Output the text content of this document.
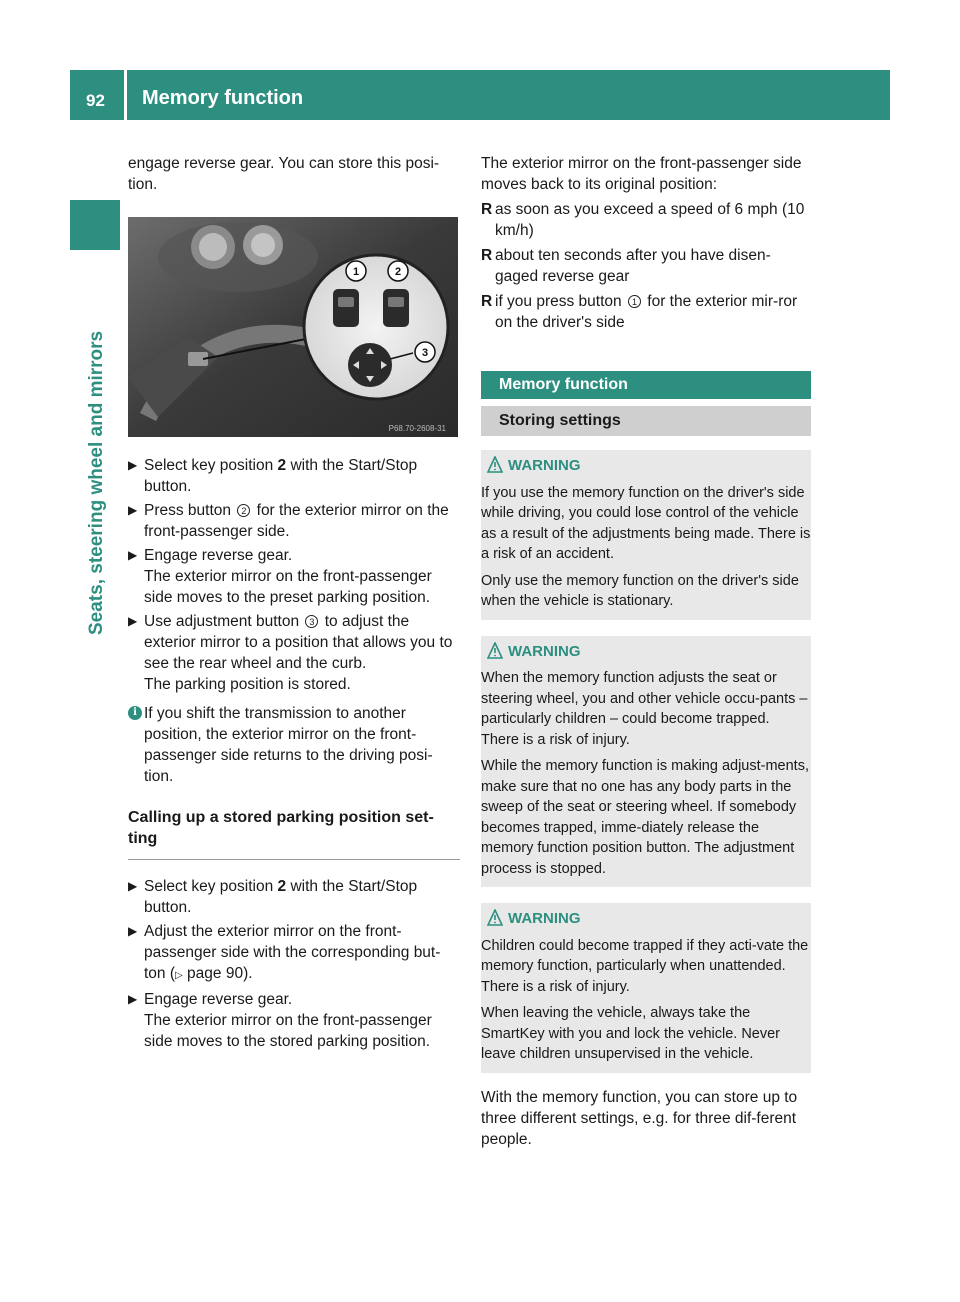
92 Memory function
Seats, steering wheel and mirrors

engage reverse gear. You can store this posi-tion.

1	2
3
P68.70-2608-31
▶ Select key position 2 with the Start/Stop button.
▶ Press button 2 for the exterior mirror on the front-passenger side.
▶ Engage reverse gear.
The exterior mirror on the front-passenger side moves to the preset parking position.
▶ Use adjustment button 3 to adjust the exterior mirror to a position that allows you to see the rear wheel and the curb.
The parking position is stored.
i If you shift the transmission to another position, the exterior mirror on the front-passenger side returns to the driving posi-tion.
Calling up a stored parking position set-ting
▶ Select key position 2 with the Start/Stop button.
▶ Adjust the exterior mirror on the front-passenger side with the corresponding but-ton (▷ page 90).
▶ Engage reverse gear.
The exterior mirror on the front-passenger side moves to the stored parking position.

The exterior mirror on the front-passenger side moves back to its original position:

R as soon as you exceed a speed of 6 mph (10 km/h)
R about ten seconds after you have disen-gaged reverse gear
R if you press button 1 for the exterior mir-ror on the driver's side
Memory function
Storing settings
WARNING

If you use the memory function on the driver's side while driving, you could lose control of the vehicle as a result of the adjustments being made. There is a risk of an accident.

Only use the memory function on the driver's side when the vehicle is stationary.

WARNING

When the memory function adjusts the seat or steering wheel, you and other vehicle occu-pants – particularly children – could become trapped. There is a risk of injury.

While the memory function is making adjust-ments, make sure that no one has any body parts in the sweep of the seat or steering wheel. If somebody becomes trapped, imme-diately release the memory function position button. The adjustment process is stopped.

WARNING

Children could become trapped if they acti-vate the memory function, particularly when unattended. There is a risk of injury.

When leaving the vehicle, always take the SmartKey with you and lock the vehicle. Never leave children unsupervised in the vehicle.

With the memory function, you can store up to three different settings, e.g. for three dif-ferent people.
